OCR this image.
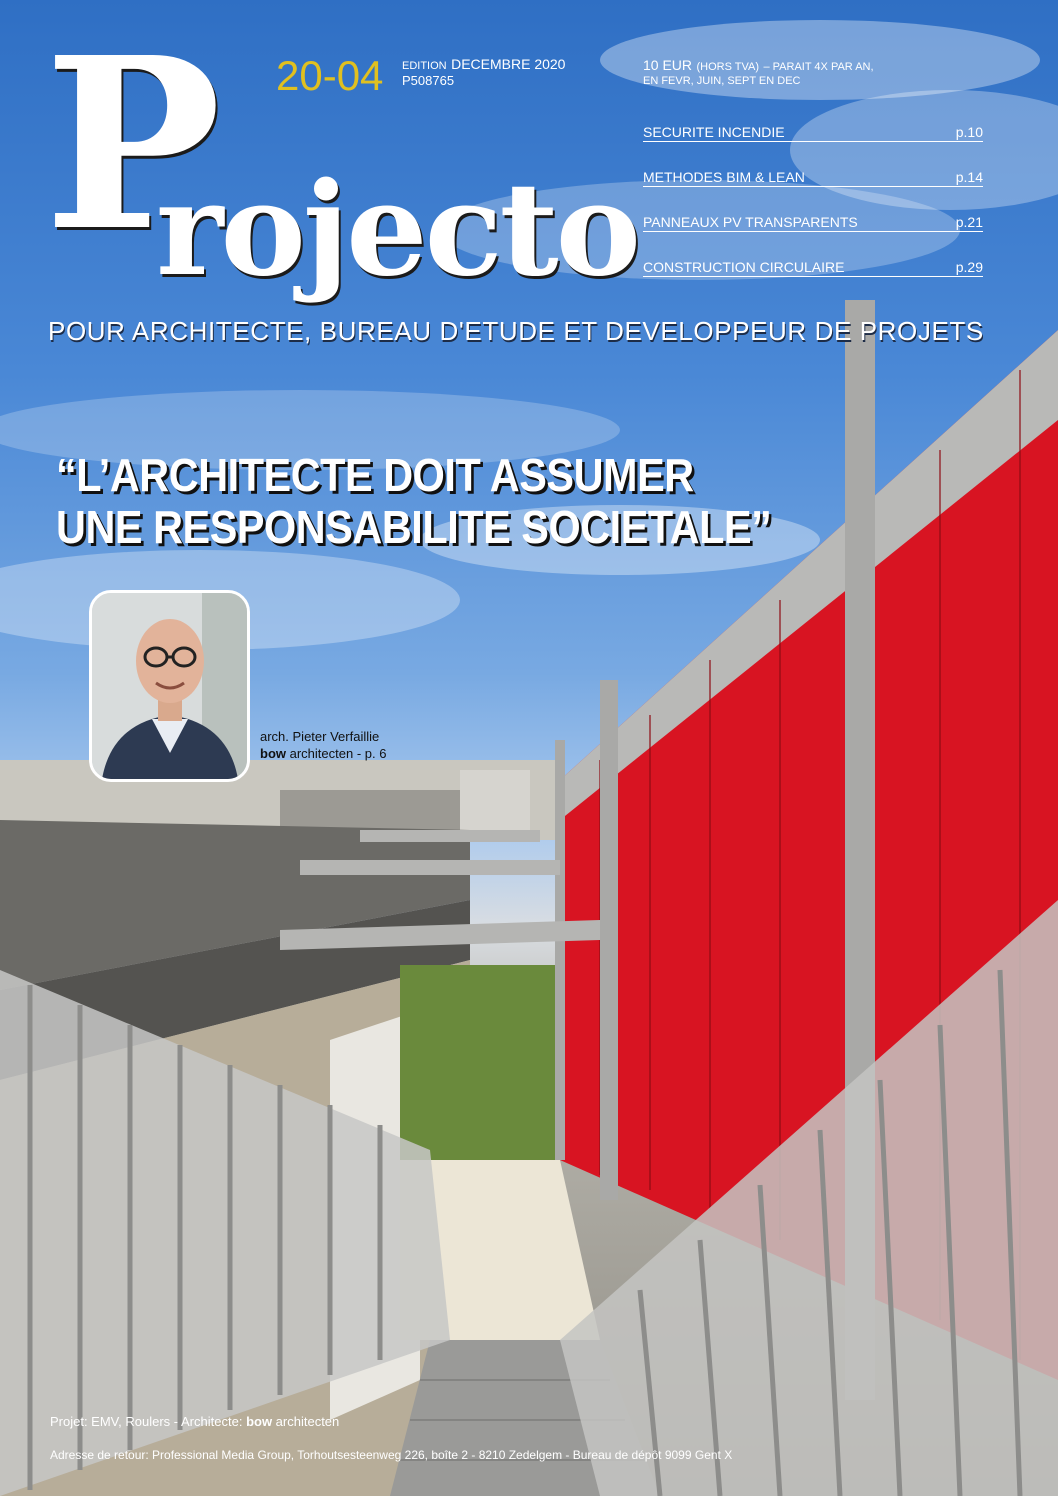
P
rojecto
20-04 EDITION DECEMBRE 2020
P508765
10 EUR (HORS TVA) – PARAIT 4X PAR AN,
EN FEVR, JUIN, SEPT EN DEC
SECURITE INCENDIE	p.10
METHODES BIM & LEAN	p.14
PANNEAUX PV TRANSPARENTS	p.21
CONSTRUCTION CIRCULAIRE	p.29
POUR ARCHITECTE, BUREAU D'ETUDE ET DEVELOPPEUR DE PROJETS
“L’ARCHITECTE DOIT ASSUMER
UNE RESPONSABILITE SOCIETALE”
arch. Pieter Verfaillie
bow architecten - p. 6
Projet: EMV, Roulers - Architecte: bow architecten
Adresse de retour: Professional Media Group, Torhoutsesteenweg 226, boîte 2 - 8210 Zedelgem - Bureau de dépôt 9099 Gent X
